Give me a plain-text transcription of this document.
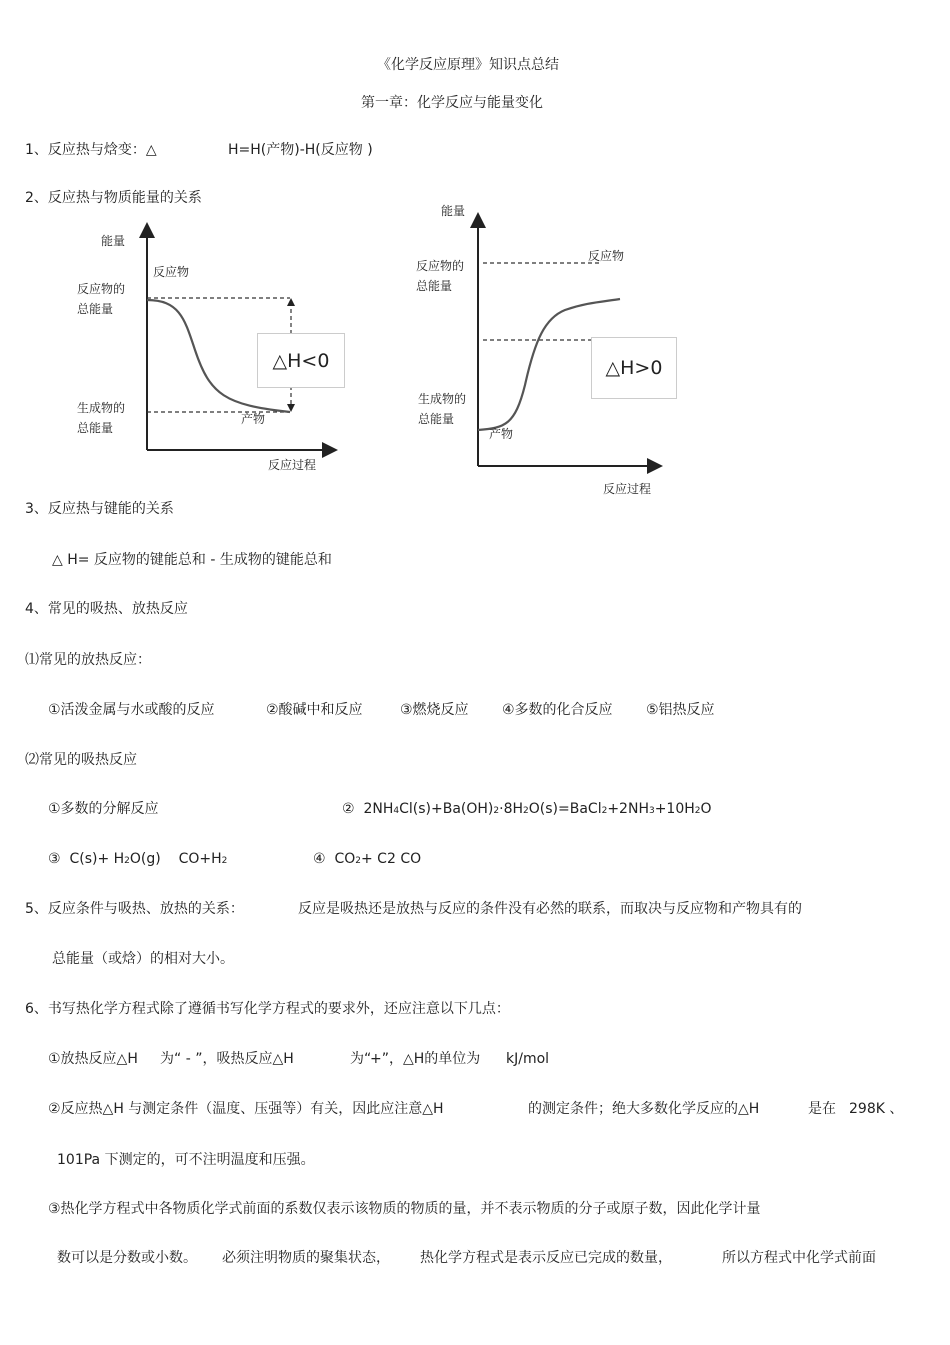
《化学反应原理》知识点总结
第一章：化学反应与能量变化
1、反应热与焓变：△	H=H(产物)-H(反应物 )
2、反应热与物质能量的关系
能量
反应物
反应物的
总能量
生成物的
总能量
产物
反应过程
△H<0
能量
反应物的
总能量
反应物
生成物的
总能量
产物
反应过程
△H>0
3、反应热与键能的关系
△ H= 反应物的键能总和 - 生成物的键能总和
4、常见的吸热、放热反应
⑴常见的放热反应：
①活泼金属与水或酸的反应	②酸碱中和反应	③燃烧反应 ④多数的化合反应 ⑤铝热反应
⑵常见的吸热反应
①多数的分解反应	② 2NH4Cl(s)+Ba(OH)2·8H2O(s)=BaCl2+2NH3+10H2O
③ C(s)+ H2O(g) CO+H2	④ CO2+ C2 CO
5、反应条件与吸热、放热的关系：	反应是吸热还是放热与反应的条件没有必然的联系，而取决与反应物和产物具有的
总能量（或焓）的相对大小。
6、书写热化学方程式除了遵循书写化学方程式的要求外，还应注意以下几点：
①放热反应△H 为“ - ”，吸热反应△H	为“
+”，△H的单位为 kJ/mol
②反应热△H 与测定条件（温度、压强等）有关，因此应注意△H	的测定条件；绝大多数化学反应的△H	是在 298K 、
101Pa 下测定的，可不注明温度和压强。
③热化学方程式中各物质化学式前面的系数仅表示该物质的物质的量，并不表示物质的分子或原子数，因此化学计量
数可以是分数或小数。 必须注明物质的聚集状态， 热化学方程式是表示反应已完成的数量，	所以方程式中化学式前面
